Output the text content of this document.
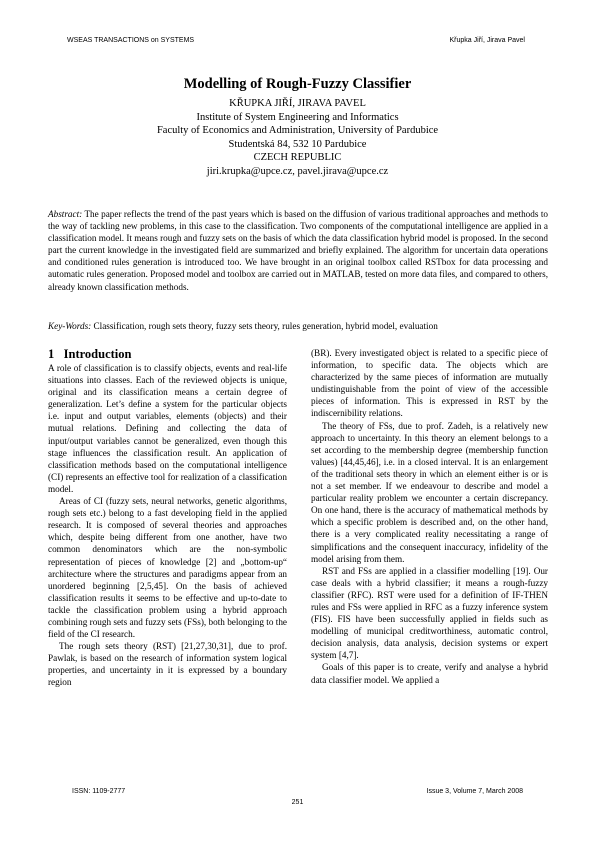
WSEAS TRANSACTIONS on SYSTEMS	Křupka Jiří, Jirava Pavel
Modelling of Rough-Fuzzy Classifier
KŘUPKA JIŘÍ, JIRAVA PAVEL
Institute of System Engineering and Informatics
Faculty of Economics and Administration, University of Pardubice
Studentská 84, 532 10 Pardubice
CZECH REPUBLIC
jiri.krupka@upce.cz, pavel.jirava@upce.cz
Abstract: The paper reflects the trend of the past years which is based on the diffusion of various traditional approaches and methods to the way of tackling new problems, in this case to the classification. Two components of the computational intelligence are applied in a classification model. It means rough and fuzzy sets on the basis of which the data classification hybrid model is proposed. In the second part the current knowledge in the investigated field are summarized and briefly explained. The algorithm for uncertain data operations and conditioned rules generation is introduced too. We have brought in an original toolbox called RSTbox for data processing and automatic rules generation. Proposed model and toolbox are carried out in MATLAB, tested on more data files, and compared to others, already known classification methods.
Key-Words: Classification, rough sets theory, fuzzy sets theory, rules generation, hybrid model, evaluation
1 Introduction

A role of classification is to classify objects, events and real-life situations into classes. Each of the reviewed objects is unique, original and its classification means a certain degree of generalization. Let’s define a system for the particular objects i.e. input and output variables, elements (objects) and their mutual relations. Defining and collecting the data of input/output variables cannot be generalized, even though this stage influences the classification result. An application of classification methods based on the computational intelligence (CI) represents an effective tool for realization of a classification model.

Areas of CI (fuzzy sets, neural networks, genetic algorithms, rough sets etc.) belong to a fast developing field in the applied research. It is composed of several theories and approaches which, despite being different from one another, have two common denominators which are the non-symbolic representation of pieces of knowledge [2] and „bottom-up“ architecture where the structures and paradigms appear from an unordered beginning [2,5,45]. On the basis of achieved classification results it seems to be effective and up-to-date to tackle the classification problem using a hybrid approach combining rough sets and fuzzy sets (FSs), both belonging to the field of the CI research.

The rough sets theory (RST) [21,27,30,31], due to prof. Pawlak, is based on the research of information system logical properties, and uncertainty in it is expressed by a boundary region

(BR). Every investigated object is related to a specific piece of information, to specific data. The objects which are characterized by the same pieces of information are mutually undistinguishable from the point of view of the accessible pieces of information. This is expressed in RST by the indiscernibility relations.

The theory of FSs, due to prof. Zadeh, is a relatively new approach to uncertainty. In this theory an element belongs to a set according to the membership degree (membership function values) [44,45,46], i.e. in a closed interval. It is an enlargement of the traditional sets theory in which an element either is or is not a set member. If we endeavour to describe and model a particular reality problem we encounter a certain discrepancy. On one hand, there is the accuracy of mathematical methods by which a specific problem is described and, on the other hand, there is a very complicated reality necessitating a range of simplifications and the consequent inaccuracy, infidelity of the model arising from them.

RST and FSs are applied in a classifier modelling [19]. Our case deals with a hybrid classifier; it means a rough-fuzzy classifier (RFC). RST were used for a definition of IF-THEN rules and FSs were applied in RFC as a fuzzy inference system (FIS). FIS have been successfully applied in fields such as modelling of municipal creditworthiness, automatic control, decision analysis, data analysis, decision systems or expert system [4,7].

Goals of this paper is to create, verify and analyse a hybrid data classifier model. We applied a

ISSN: 1109-2777	Issue 3, Volume 7, March 2008
251
